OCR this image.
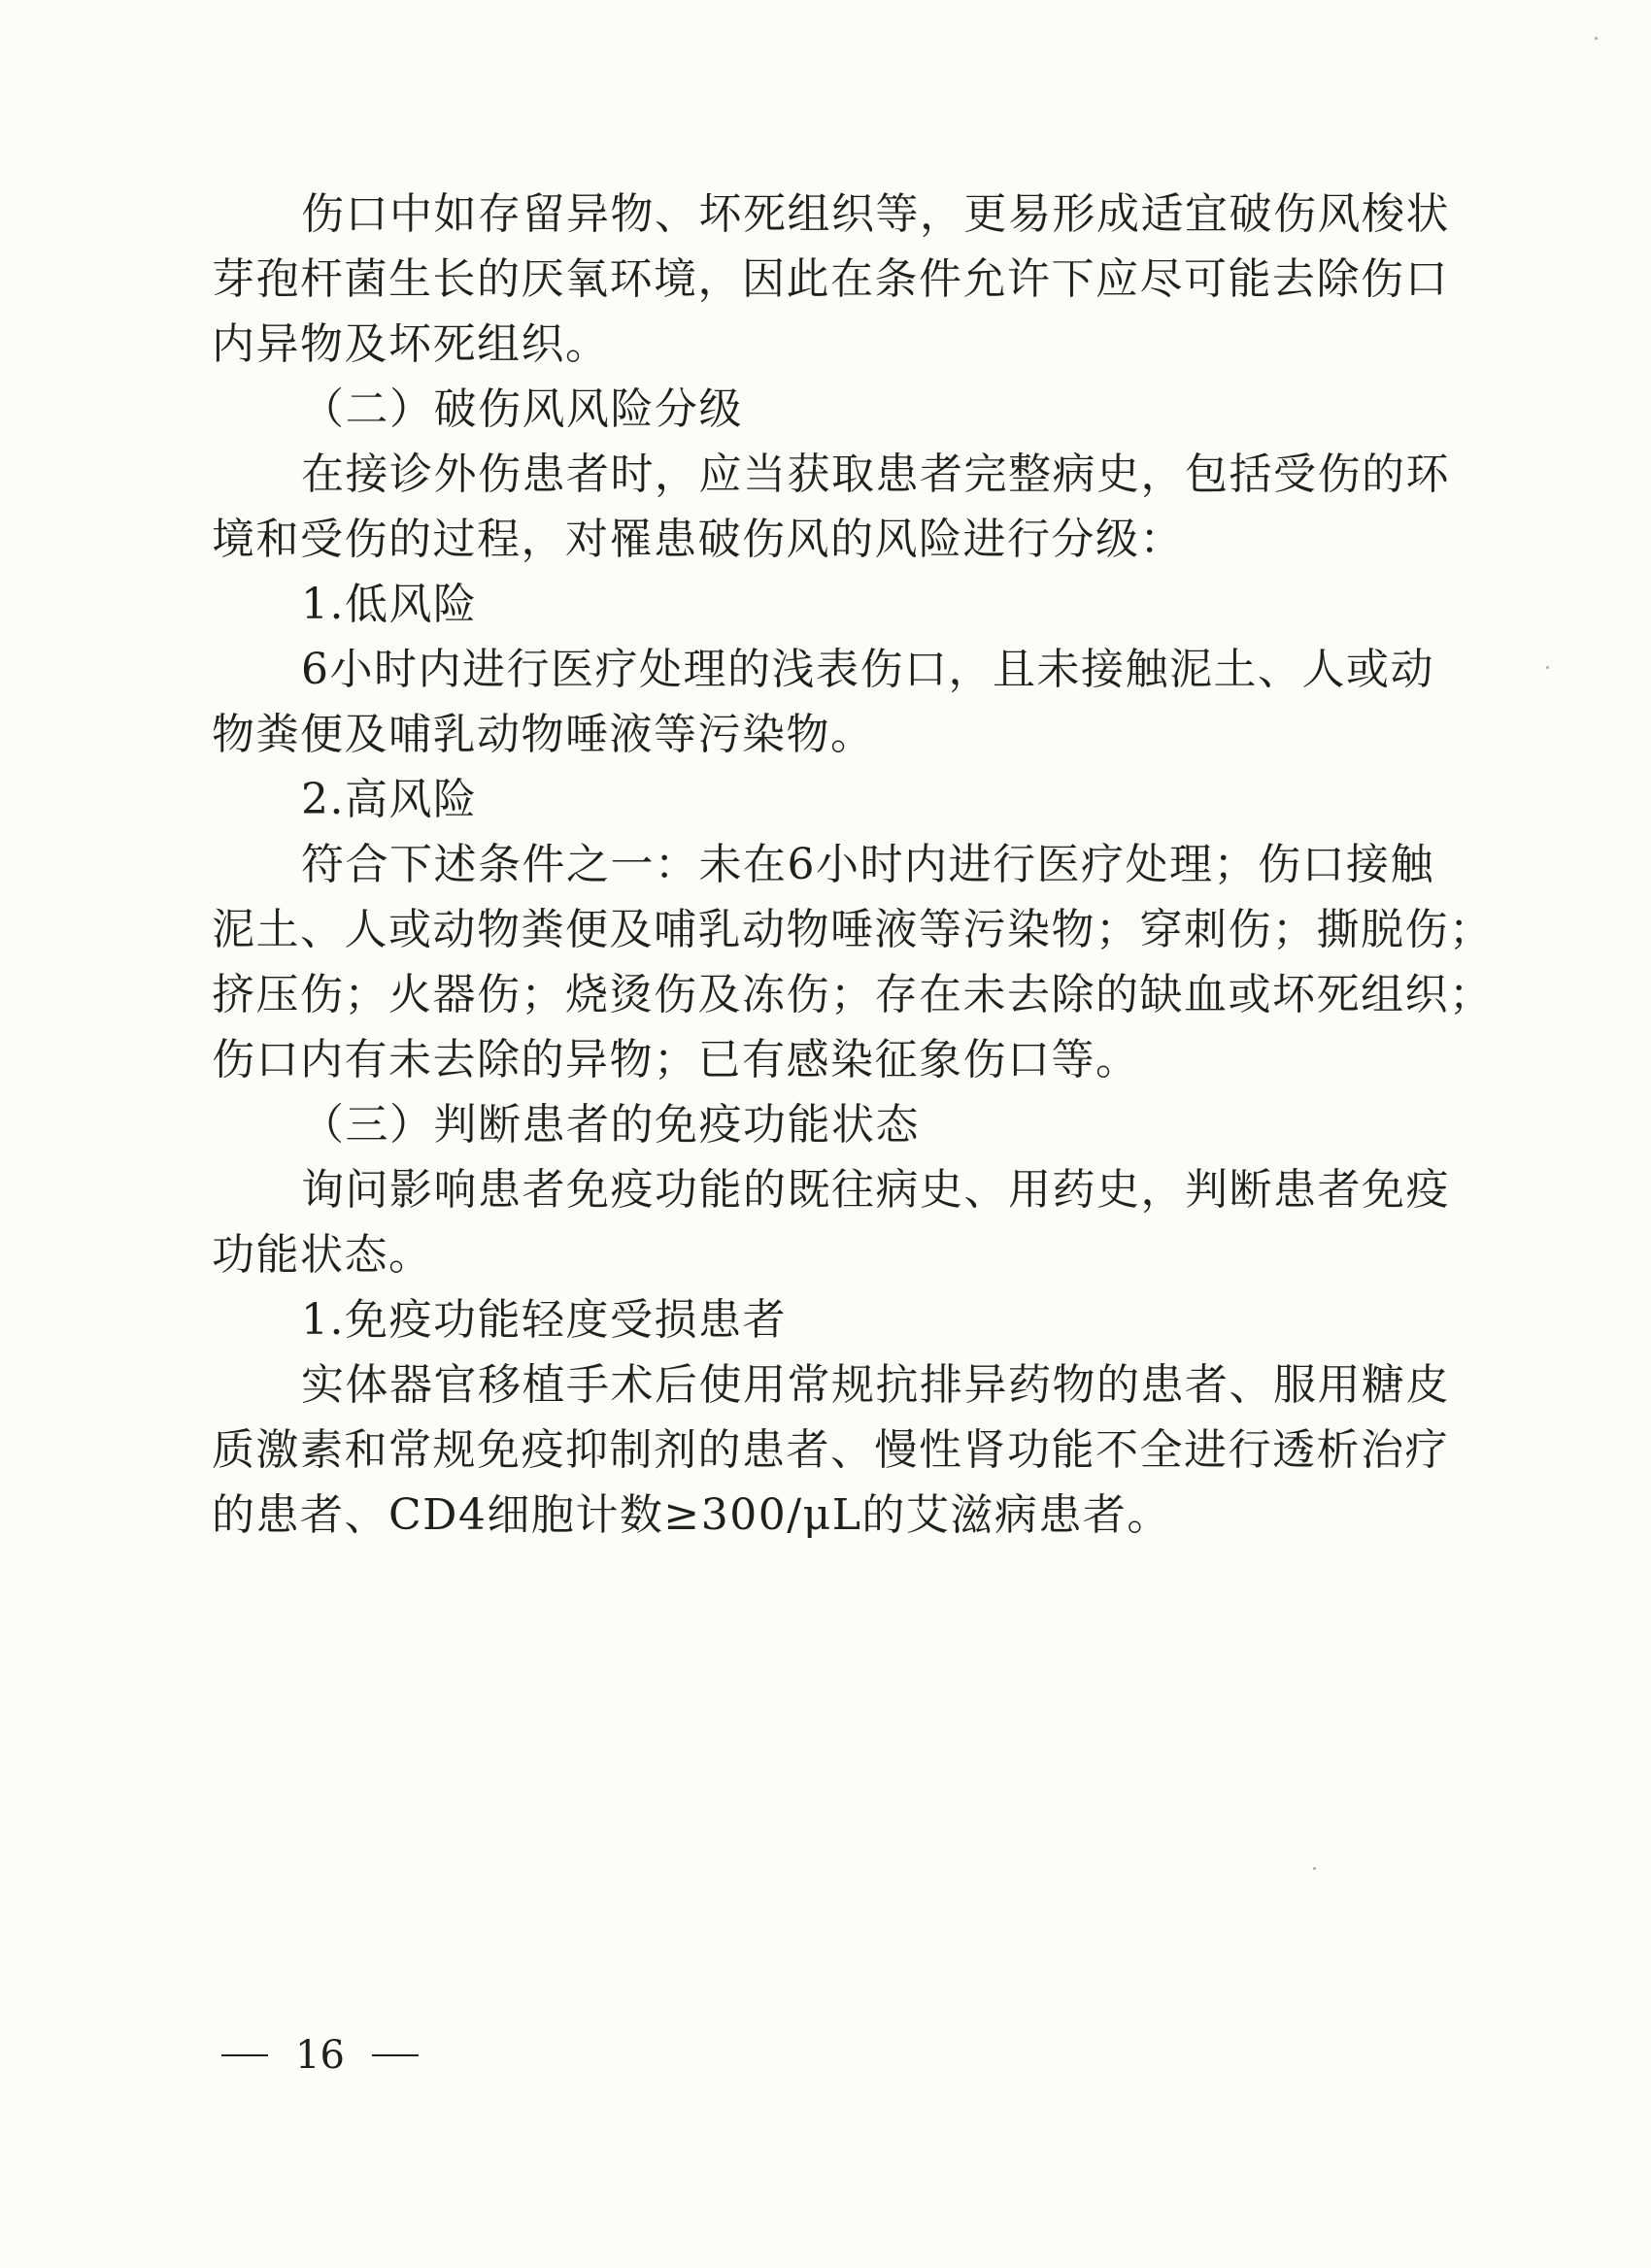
伤口中如存留异物、坏死组织等，更易形成适宜破伤风梭状
芽孢杆菌生长的厌氧环境，因此在条件允许下应尽可能去除伤口
内异物及坏死组织。
（二）破伤风风险分级
在接诊外伤患者时，应当获取患者完整病史，包括受伤的环
境和受伤的过程，对罹患破伤风的风险进行分级：
1.低风险
6小时内进行医疗处理的浅表伤口，且未接触泥土、人或动
物粪便及哺乳动物唾液等污染物。
2.高风险
符合下述条件之一：未在6小时内进行医疗处理；伤口接触
泥土、人或动物粪便及哺乳动物唾液等污染物；穿刺伤；撕脱伤；
挤压伤；火器伤；烧烫伤及冻伤；存在未去除的缺血或坏死组织；
伤口内有未去除的异物；已有感染征象伤口等。
（三）判断患者的免疫功能状态
询问影响患者免疫功能的既往病史、用药史，判断患者免疫
功能状态。
1.免疫功能轻度受损患者
实体器官移植手术后使用常规抗排异药物的患者、服用糖皮
质激素和常规免疫抑制剂的患者、慢性肾功能不全进行透析治疗
的患者、CD4细胞计数≥300/μL的艾滋病患者。
16
